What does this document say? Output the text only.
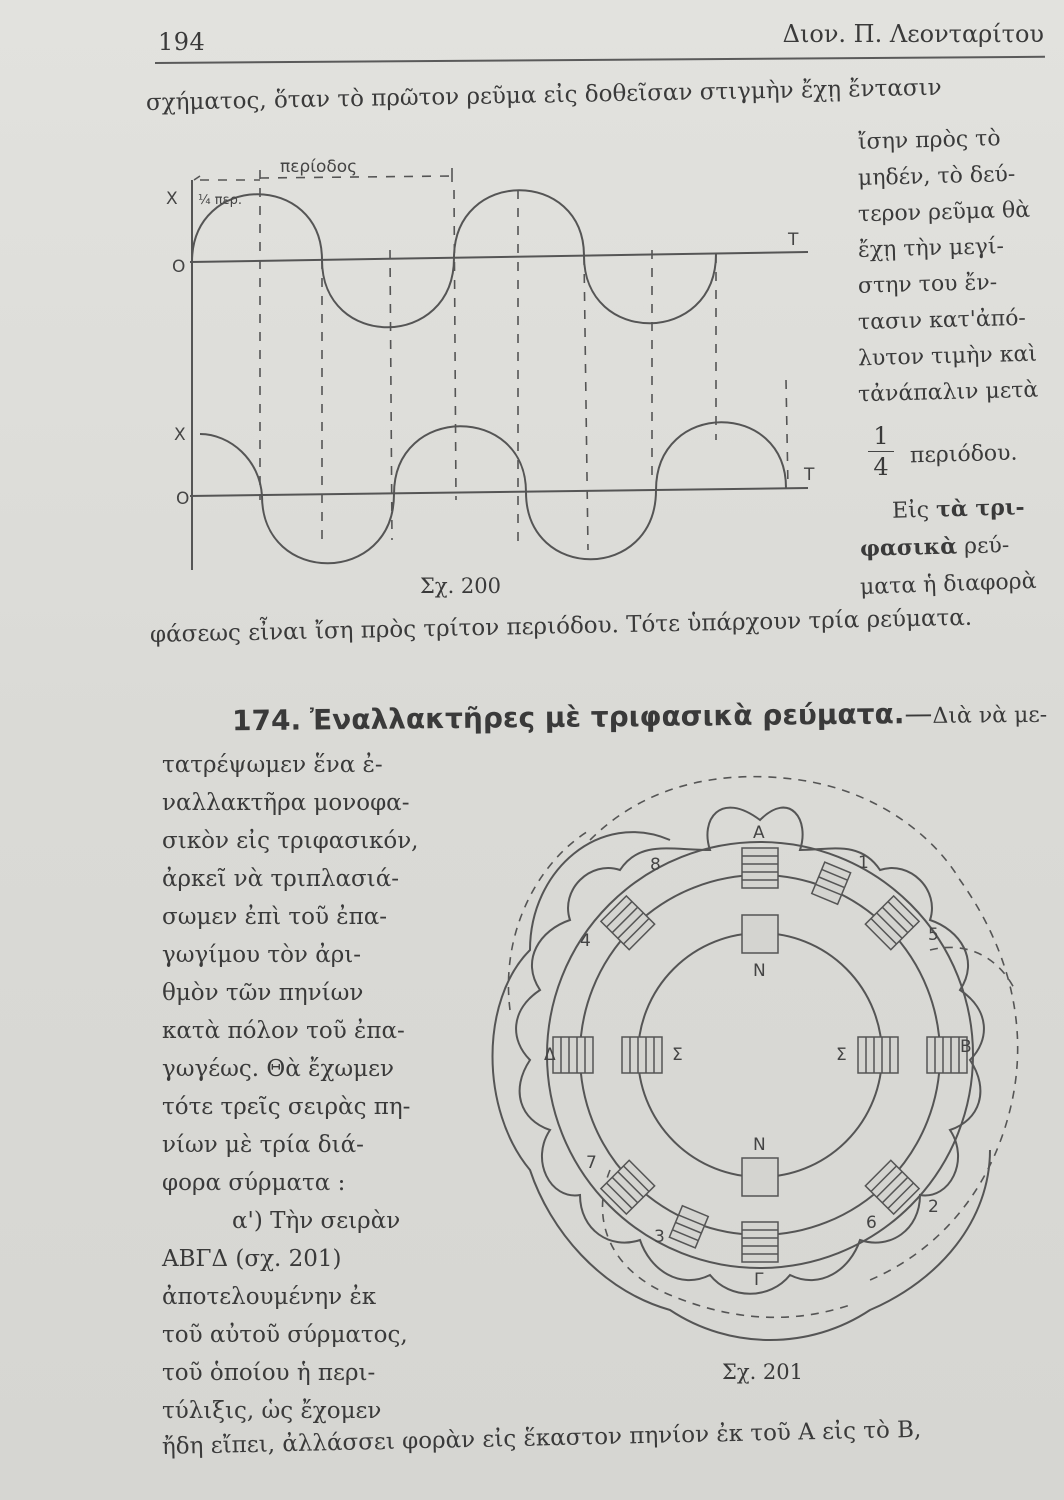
194	Διον. Π. Λεονταρίτου
σχήματος, ὅταν τὸ πρῶτον ρεῦμα εἰς δοθεῖσαν στιγμὴν ἔχῃ ἔντασιν
περίοδος
¼ περ.
X
O
T
X
O
T
Σχ. 200
ἴσην πρὸς τὸ
μηδέν, τὸ δεύ-
τερον ρεῦμα θὰ
ἔχῃ τὴν μεγί-
στην του ἔν-
τασιν κατ'ἀπό-
λυτον τιμὴν καὶ
τἀνάπαλιν μετὰ
1
4 περιόδου.
Εἰς τὰ τρι-
φασικὰ ρεύ-
ματα ἡ διαφορὰ
φάσεως εἶναι ἴση πρὸς τρίτον περιόδου. Τότε ὑπάρχουν τρία ρεύματα.
174. Ἐναλλακτῆρες μὲ τριφασικὰ ρεύματα.—Διὰ νὰ με-
τατρέψωμεν ἕνα ἐ-
ναλλακτῆρα μονοφα-
σικὸν εἰς τριφασικόν,
ἀρκεῖ νὰ τριπλασιά-
σωμεν ἐπὶ τοῦ ἐπα-
γωγίμου τὸν ἀρι-
θμὸν τῶν πηνίων
κατὰ πόλον τοῦ ἐπα-
γωγέως. Θὰ ἔχωμεν
τότε τρεῖς σειρὰς πη-
νίων μὲ τρία διά-
φορα σύρματα :
α') Τὴν σειρὰν
ΑΒΓΔ (σχ. 201)
ἀποτελουμένην ἐκ
τοῦ αὐτοῦ σύρματος,
τοῦ ὁποίου ἡ περι-
τύλιξις, ὡς ἔχομεν
Α
Β
Γ
Δ
Ν
Ν
Σ	Σ
1
2
3
4	5
6
7
8
Σχ. 201
ἤδη εἴπει, ἀλλάσσει φορὰν εἰς ἕκαστον πηνίον ἐκ τοῦ Α εἰς τὸ Β,
